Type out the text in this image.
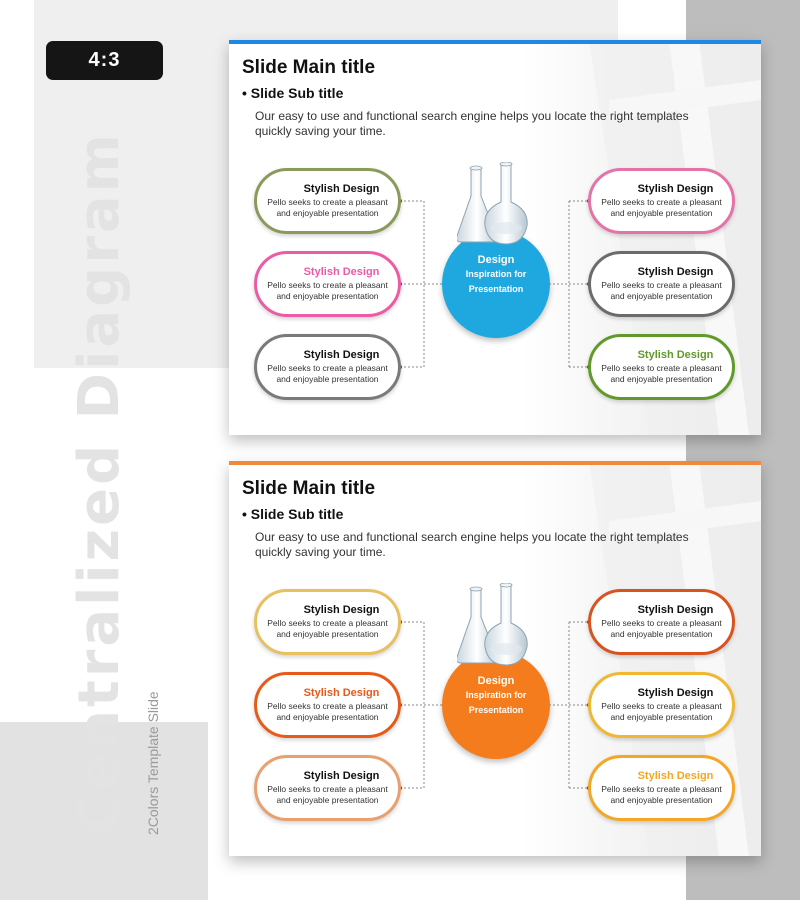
4:3
Centralized Diagram 2Colors Template Slide
Slide Main title
• Slide Sub title
Our easy to use and functional search engine helps you locate the right templates quickly saving your time.
Stylish Design
Pello seeks to create a pleasant and enjoyable presentation
Stylish Design
Pello seeks to create a pleasant and enjoyable presentation
Stylish Design
Pello seeks to create a pleasant and enjoyable presentation
Stylish Design
Pello seeks to create a pleasant and enjoyable presentation
Stylish Design
Pello seeks to create a pleasant and enjoyable presentation
Stylish Design
Pello seeks to create a pleasant and enjoyable presentation
Design
Inspiration for
Presentation
Slide Main title
• Slide Sub title
Our easy to use and functional search engine helps you locate the right templates quickly saving your time.
Stylish Design
Pello seeks to create a pleasant and enjoyable presentation
Stylish Design
Pello seeks to create a pleasant and enjoyable presentation
Stylish Design
Pello seeks to create a pleasant and enjoyable presentation
Stylish Design
Pello seeks to create a pleasant and enjoyable presentation
Stylish Design
Pello seeks to create a pleasant and enjoyable presentation
Stylish Design
Pello seeks to create a pleasant and enjoyable presentation
Design
Inspiration for
Presentation
